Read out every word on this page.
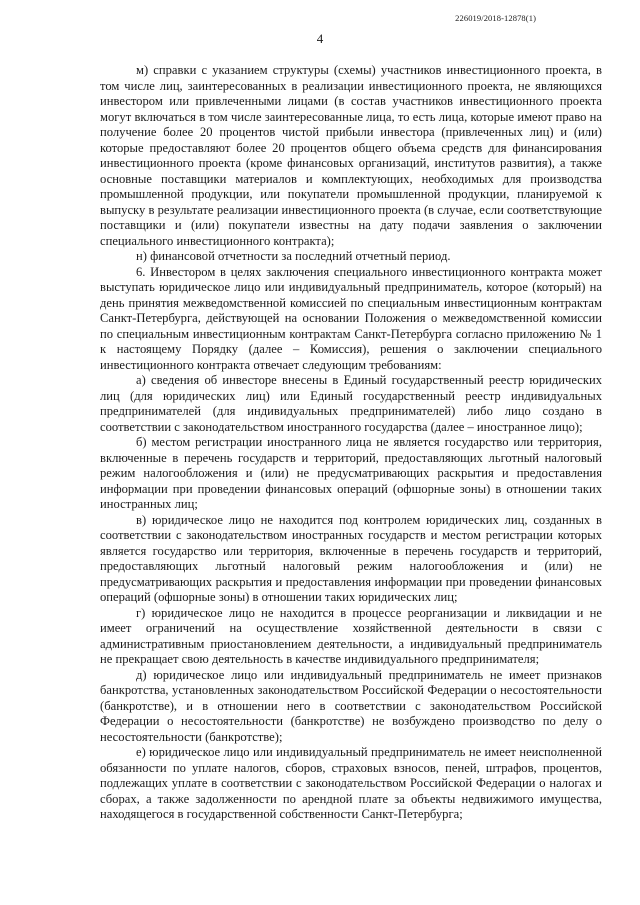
226019/2018-12878(1)
4

м) справки с указанием структуры (схемы) участников инвестиционного проекта, в том числе лиц, заинтересованных в реализации инвестиционного проекта, не являющихся инвестором или привлеченными лицами (в состав участников инвестиционного проекта могут включаться в том числе заинтересованные лица, то есть лица, которые имеют право на получение более 20 процентов чистой прибыли инвестора (привлеченных лиц) и (или) которые предоставляют более 20 процентов общего объема средств для финансирования инвестиционного проекта (кроме финансовых организаций, институтов развития), а также основные поставщики материалов и комплектующих, необходимых для производства промышленной продукции, или покупатели промышленной продукции, планируемой к выпуску в результате реализации инвестиционного проекта (в случае, если соответствующие поставщики и (или) покупатели известны на дату подачи заявления о заключении специального инвестиционного контракта);

н) финансовой отчетности за последний отчетный период.

6. Инвестором в целях заключения специального инвестиционного контракта может выступать юридическое лицо или индивидуальный предприниматель, которое (который) на день принятия межведомственной комиссией по специальным инвестиционным контрактам Санкт-Петербурга, действующей на основании Положения о межведомственной комиссии по специальным инвестиционным контрактам Санкт-Петербурга согласно приложению № 1 к настоящему Порядку (далее – Комиссия), решения о заключении специального инвестиционного контракта отвечает следующим требованиям:

а) сведения об инвесторе внесены в Единый государственный реестр юридических лиц (для юридических лиц) или Единый государственный реестр индивидуальных предпринимателей (для индивидуальных предпринимателей) либо лицо создано в соответствии с законодательством иностранного государства (далее – иностранное лицо);

б) местом регистрации иностранного лица не является государство или территория, включенные в перечень государств и территорий, предоставляющих льготный налоговый режим налогообложения и (или) не предусматривающих раскрытия и предоставления информации при проведении финансовых операций (офшорные зоны) в отношении таких иностранных лиц;

в) юридическое лицо не находится под контролем юридических лиц, созданных в соответствии с законодательством иностранных государств и местом регистрации которых является государство или территория, включенные в перечень государств и территорий, предоставляющих льготный налоговый режим налогообложения и (или) не предусматривающих раскрытия и предоставления информации при проведении финансовых операций (офшорные зоны) в отношении таких юридических лиц;

г) юридическое лицо не находится в процессе реорганизации и ликвидации и не имеет ограничений на осуществление хозяйственной деятельности в связи с административным приостановлением деятельности, а индивидуальный предприниматель не прекращает свою деятельность в качестве индивидуального предпринимателя;

д) юридическое лицо или индивидуальный предприниматель не имеет признаков банкротства, установленных законодательством Российской Федерации о несостоятельности (банкротстве), и в отношении него в соответствии с законодательством Российской Федерации о несостоятельности (банкротстве) не возбуждено производство по делу о несостоятельности (банкротстве);

е) юридическое лицо или индивидуальный предприниматель не имеет неисполненной обязанности по уплате налогов, сборов, страховых взносов, пеней, штрафов, процентов, подлежащих уплате в соответствии с законодательством Российской Федерации о налогах и сборах, а также задолженности по арендной плате за объекты недвижимого имущества, находящегося в государственной собственности Санкт-Петербурга;
